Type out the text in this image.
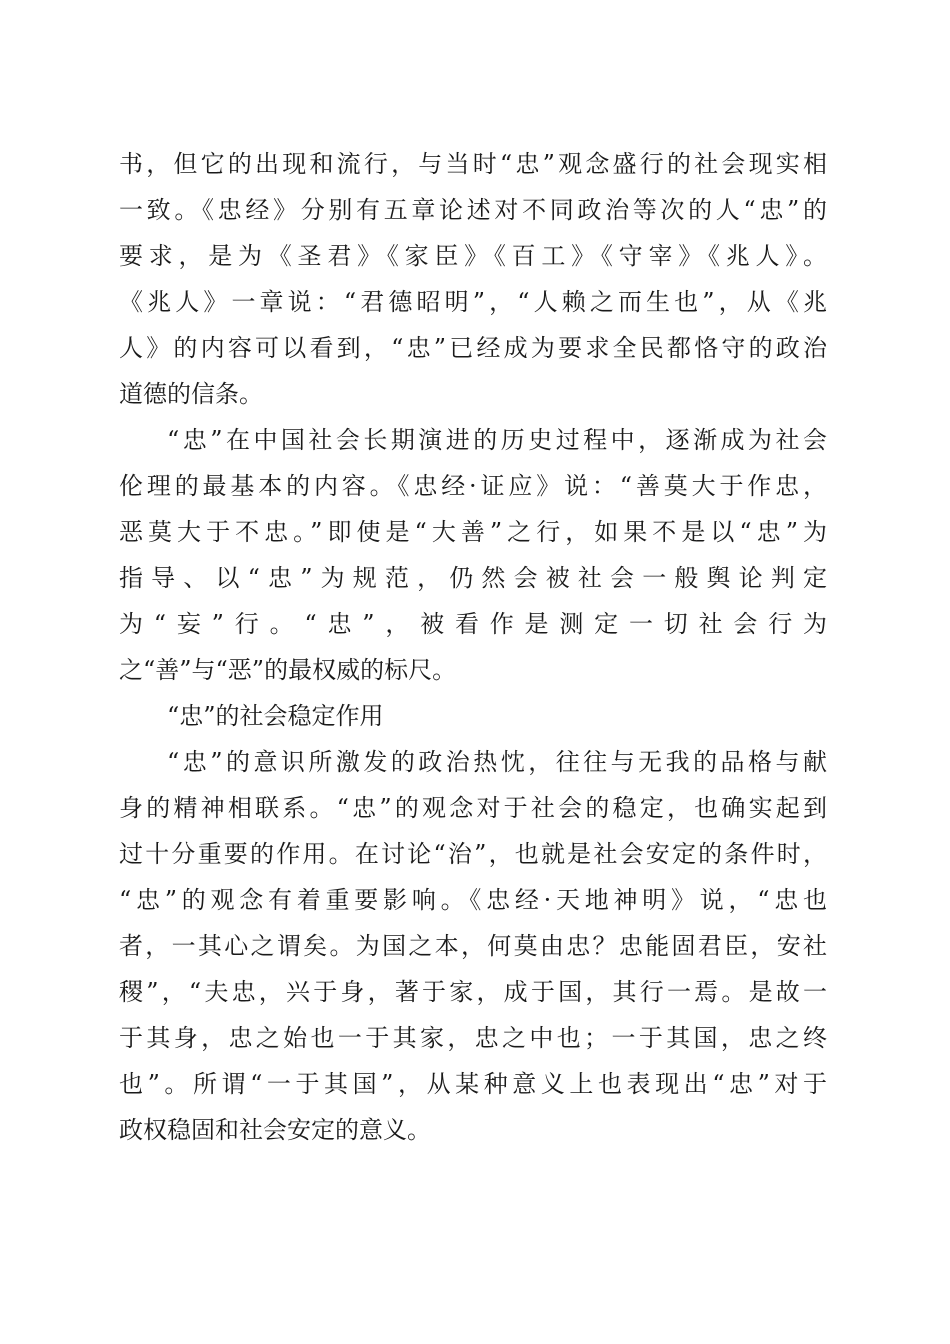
书，但它的出现和流行，与当时“忠”观念盛行的社会现实相
一致。《忠经》分别有五章论述对不同政治等次的人“忠”的
要求，是为《圣君》《家臣》《百工》《守宰》《兆人》。
《兆人》一章说：“君德昭明”，“人赖之而生也”，从《兆
人》的内容可以看到，“忠”已经成为要求全民都恪守的政治
道德的信条。
“忠”在中国社会长期演进的历史过程中，逐渐成为社会
伦理的最基本的内容。《忠经·证应》说：“善莫大于作忠，
恶莫大于不忠。”即使是“大善”之行，如果不是以“忠”为
指导、以“忠”为规范，仍然会被社会一般舆论判定
为“妄”行。“忠”，被看作是测定一切社会行为
之“善”与“恶”的最权威的标尺。
“忠”的社会稳定作用
“忠”的意识所激发的政治热忱，往往与无我的品格与献
身的精神相联系。“忠”的观念对于社会的稳定，也确实起到
过十分重要的作用。在讨论“治”，也就是社会安定的条件时，
“忠”的观念有着重要影响。《忠经·天地神明》说，“忠也
者，一其心之谓矣。为国之本，何莫由忠？忠能固君臣，安社
稷”，“夫忠，兴于身，著于家，成于国，其行一焉。是故一
于其身，忠之始也一于其家，忠之中也；一于其国，忠之终
也”。所谓“一于其国”，从某种意义上也表现出“忠”对于
政权稳固和社会安定的意义。
